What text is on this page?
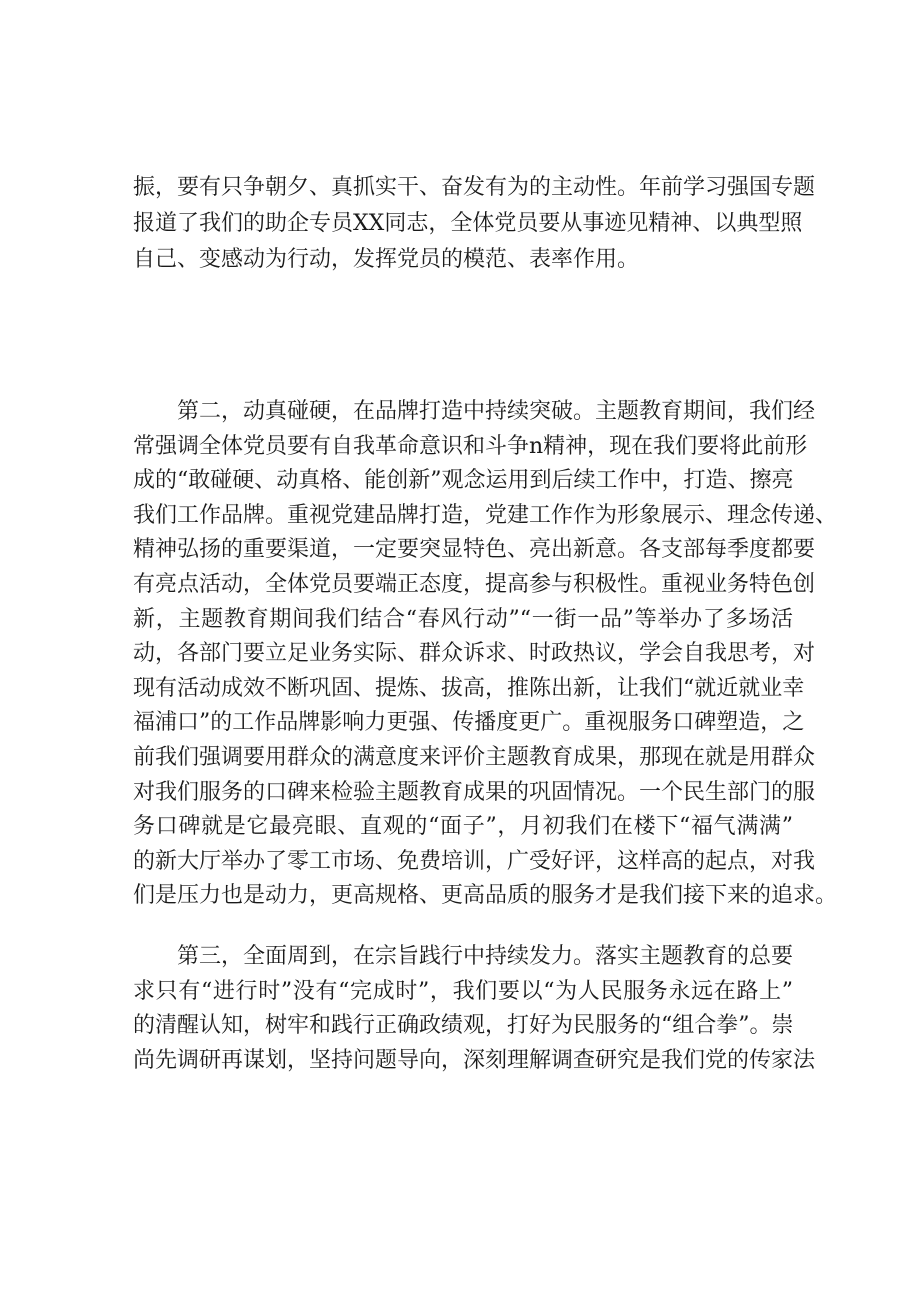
振，要有只争朝夕、真抓实干、奋发有为的主动性。年前学习强国专题
报道了我们的助企专员XX同志，全体党员要从事迹见精神、以典型照
自己、变感动为行动，发挥党员的模范、表率作用。
第二，动真碰硬，在品牌打造中持续突破。主题教育期间，我们经
常强调全体党员要有自我革命意识和斗争n精神，现在我们要将此前形
成的“敢碰硬、动真格、能创新”观念运用到后续工作中，打造、擦亮
我们工作品牌。重视党建品牌打造，党建工作作为形象展示、理念传递、
精神弘扬的重要渠道，一定要突显特色、亮出新意。各支部每季度都要
有亮点活动，全体党员要端正态度，提高参与积极性。重视业务特色创
新，主题教育期间我们结合“春风行动”“一街一品”等举办了多场活
动，各部门要立足业务实际、群众诉求、时政热议，学会自我思考，对
现有活动成效不断巩固、提炼、拔高，推陈出新，让我们“就近就业幸
福浦口”的工作品牌影响力更强、传播度更广。重视服务口碑塑造，之
前我们强调要用群众的满意度来评价主题教育成果，那现在就是用群众
对我们服务的口碑来检验主题教育成果的巩固情况。一个民生部门的服
务口碑就是它最亮眼、直观的“面子”，月初我们在楼下“福气满满”
的新大厅举办了零工市场、免费培训，广受好评，这样高的起点，对我
们是压力也是动力，更高规格、更高品质的服务才是我们接下来的追求。
第三，全面周到，在宗旨践行中持续发力。落实主题教育的总要
求只有“进行时”没有“完成时”，我们要以“为人民服务永远在路上”
的清醒认知，树牢和践行正确政绩观，打好为民服务的“组合拳”。崇
尚先调研再谋划，坚持问题导向，深刻理解调查研究是我们党的传家法
